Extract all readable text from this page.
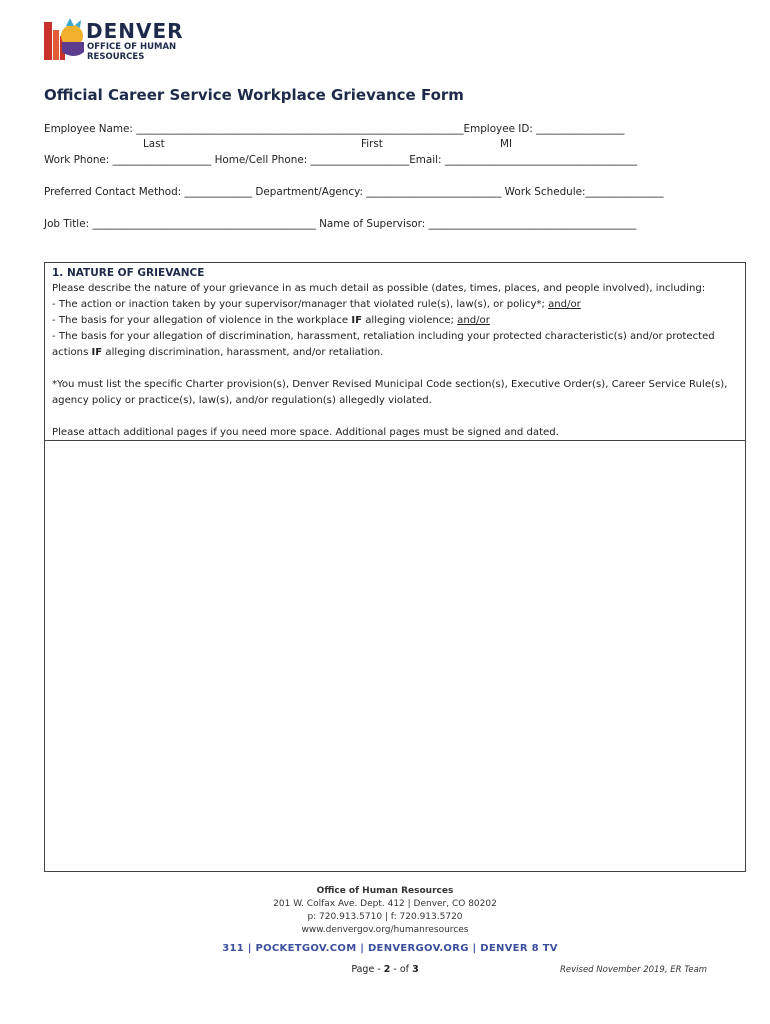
DENVER
OFFICE OF HUMAN
RESOURCES
Official Career Service Workplace Grievance Form
Employee Name: _______________________________________________________________Employee ID: _________________
Last	First	MI
Work Phone: ___________________ Home/Cell Phone: ___________________Email: _____________________________________
Preferred Contact Method: _____________ Department/Agency: __________________________ Work Schedule:_______________
Job Title: ___________________________________________ Name of Supervisor: ________________________________________
1. NATURE OF GRIEVANCE
Please describe the nature of your grievance in as much detail as possible (dates, times, places, and people involved), including:
- The action or inaction taken by your supervisor/manager that violated rule(s), law(s), or policy*; and/or
- The basis for your allegation of violence in the workplace IF alleging violence; and/or
- The basis for your allegation of discrimination, harassment, retaliation including your protected characteristic(s) and/or protected
actions IF alleging discrimination, harassment, and/or retaliation.
*You must list the specific Charter provision(s), Denver Revised Municipal Code section(s), Executive Order(s), Career Service Rule(s),
agency policy or practice(s), law(s), and/or regulation(s) allegedly violated.
Please attach additional pages if you need more space. Additional pages must be signed and dated.
Office of Human Resources
201 W. Colfax Ave. Dept. 412 | Denver, CO 80202
p: 720.913.5710 | f: 720.913.5720
www.denvergov.org/humanresources
311 | POCKETGOV.COM | DENVERGOV.ORG | DENVER 8 TV
Page - 2 - of 3	Revised November 2019, ER Team
